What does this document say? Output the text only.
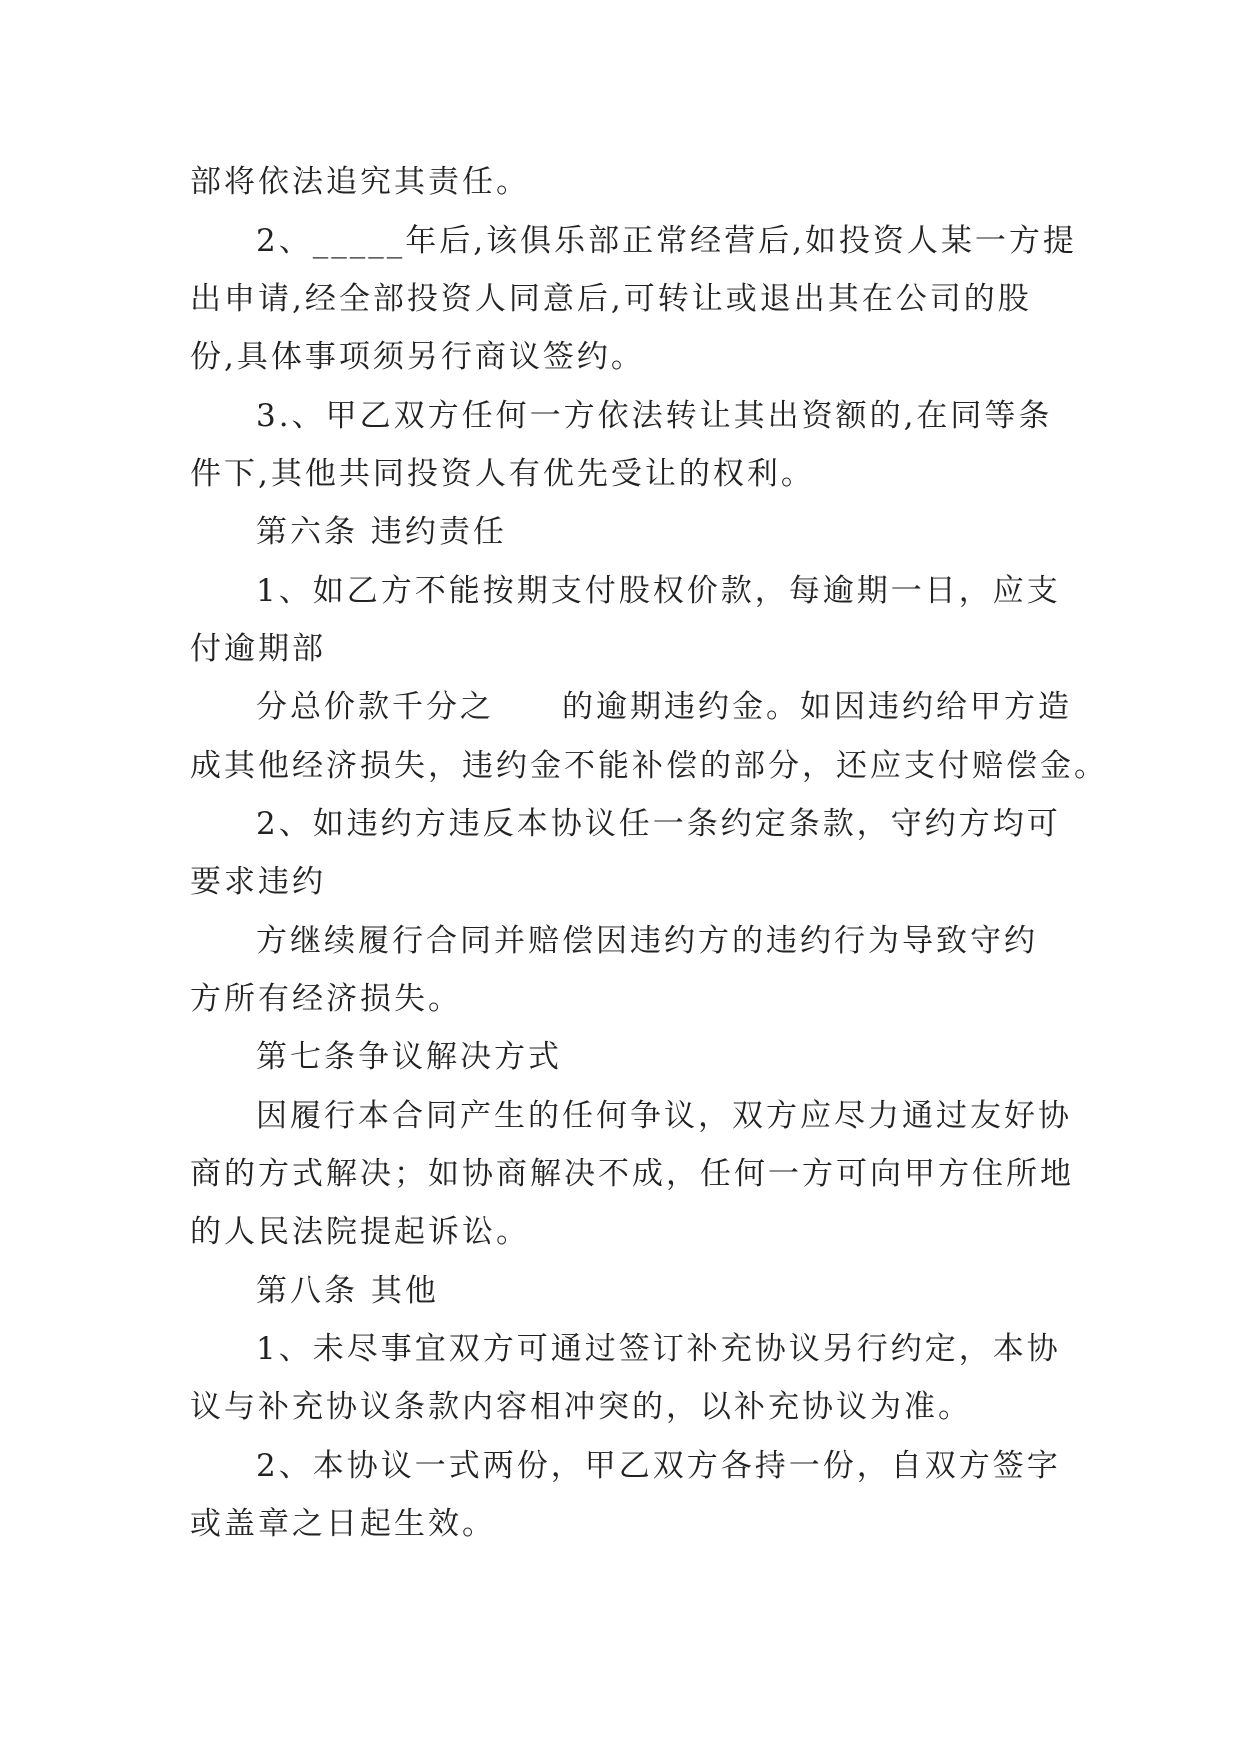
部将依法追究其责任。
2、_____年后,该俱乐部正常经营后,如投资人某一方提
出申请,经全部投资人同意后,可转让或退出其在公司的股
份,具体事项须另行商议签约。
3.、甲乙双方任何一方依法转让其出资额的,在同等条
件下,其他共同投资人有优先受让的权利。
第六条 违约责任
1、如乙方不能按期支付股权价款，每逾期一日，应支
付逾期部
分总价款千分之　　的逾期违约金。如因违约给甲方造
成其他经济损失，违约金不能补偿的部分，还应支付赔偿金。
2、如违约方违反本协议任一条约定条款，守约方均可
要求违约
方继续履行合同并赔偿因违约方的违约行为导致守约
方所有经济损失。
第七条争议解决方式
因履行本合同产生的任何争议，双方应尽力通过友好协
商的方式解决；如协商解决不成，任何一方可向甲方住所地
的人民法院提起诉讼。
第八条 其他
1、未尽事宜双方可通过签订补充协议另行约定，本协
议与补充协议条款内容相冲突的，以补充协议为准。
2、本协议一式两份，甲乙双方各持一份，自双方签字
或盖章之日起生效。
